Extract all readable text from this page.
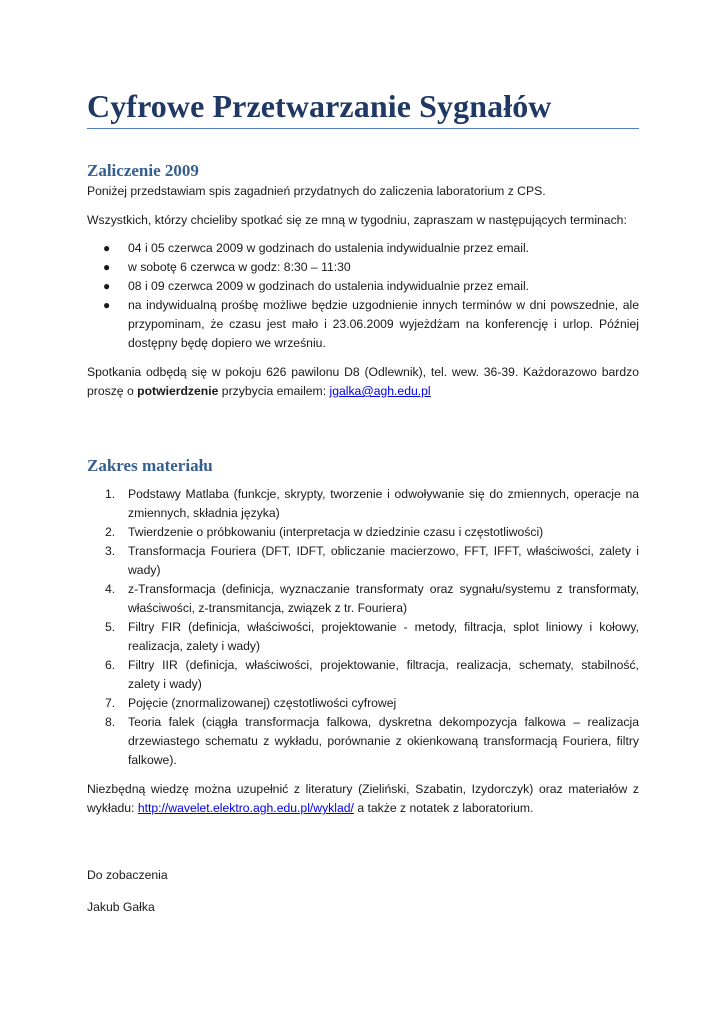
Cyfrowe Przetwarzanie Sygnałów
Zaliczenie 2009

Poniżej przedstawiam spis zagadnień przydatnych do zaliczenia laboratorium z CPS.

Wszystkich, którzy chcieliby spotkać się ze mną w tygodniu, zapraszam w następujących terminach:

● 04 i 05 czerwca 2009 w godzinach do ustalenia indywidualnie przez email.
● w sobotę 6 czerwca w godz: 8:30 – 11:30
● 08 i 09 czerwca 2009 w godzinach do ustalenia indywidualnie przez email.
● na indywidualną prośbę możliwe będzie uzgodnienie innych terminów w dni powszednie, ale przypominam, że czasu jest mało i 23.06.2009 wyjeżdżam na konferencję i urlop. Później dostępny będę dopiero we wrześniu.

Spotkania odbędą się w pokoju 626 pawilonu D8 (Odlewnik), tel. wew. 36-39. Każdorazowo bardzo proszę o potwierdzenie przybycia emailem: jgalka@agh.edu.pl

Zakres materiału
1. Podstawy Matlaba (funkcje, skrypty, tworzenie i odwoływanie się do zmiennych, operacje na zmiennych, składnia języka)
2. Twierdzenie o próbkowaniu (interpretacja w dziedzinie czasu i częstotliwości)
3. Transformacja Fouriera (DFT, IDFT, obliczanie macierzowo, FFT, IFFT, właściwości, zalety i wady)
4. z-Transformacja (definicja, wyznaczanie transformaty oraz sygnału/systemu z transformaty, właściwości, z-transmitancja, związek z tr. Fouriera)
5. Filtry FIR (definicja, właściwości, projektowanie - metody, filtracja, splot liniowy i kołowy, realizacja, zalety i wady)
6. Filtry IIR (definicja, właściwości, projektowanie, filtracja, realizacja, schematy, stabilność, zalety i wady)
7. Pojęcie (znormalizowanej) częstotliwości cyfrowej
8. Teoria falek (ciągła transformacja falkowa, dyskretna dekompozycja falkowa – realizacja drzewiastego schematu z wykładu, porównanie z okienkowaną transformacją Fouriera, filtry falkowe).

Niezbędną wiedzę można uzupełnić z literatury (Zieliński, Szabatin, Izydorczyk) oraz materiałów z wykładu: http://wavelet.elektro.agh.edu.pl/wyklad/ a także z notatek z laboratorium.

Do zobaczenia

Jakub Gałka
